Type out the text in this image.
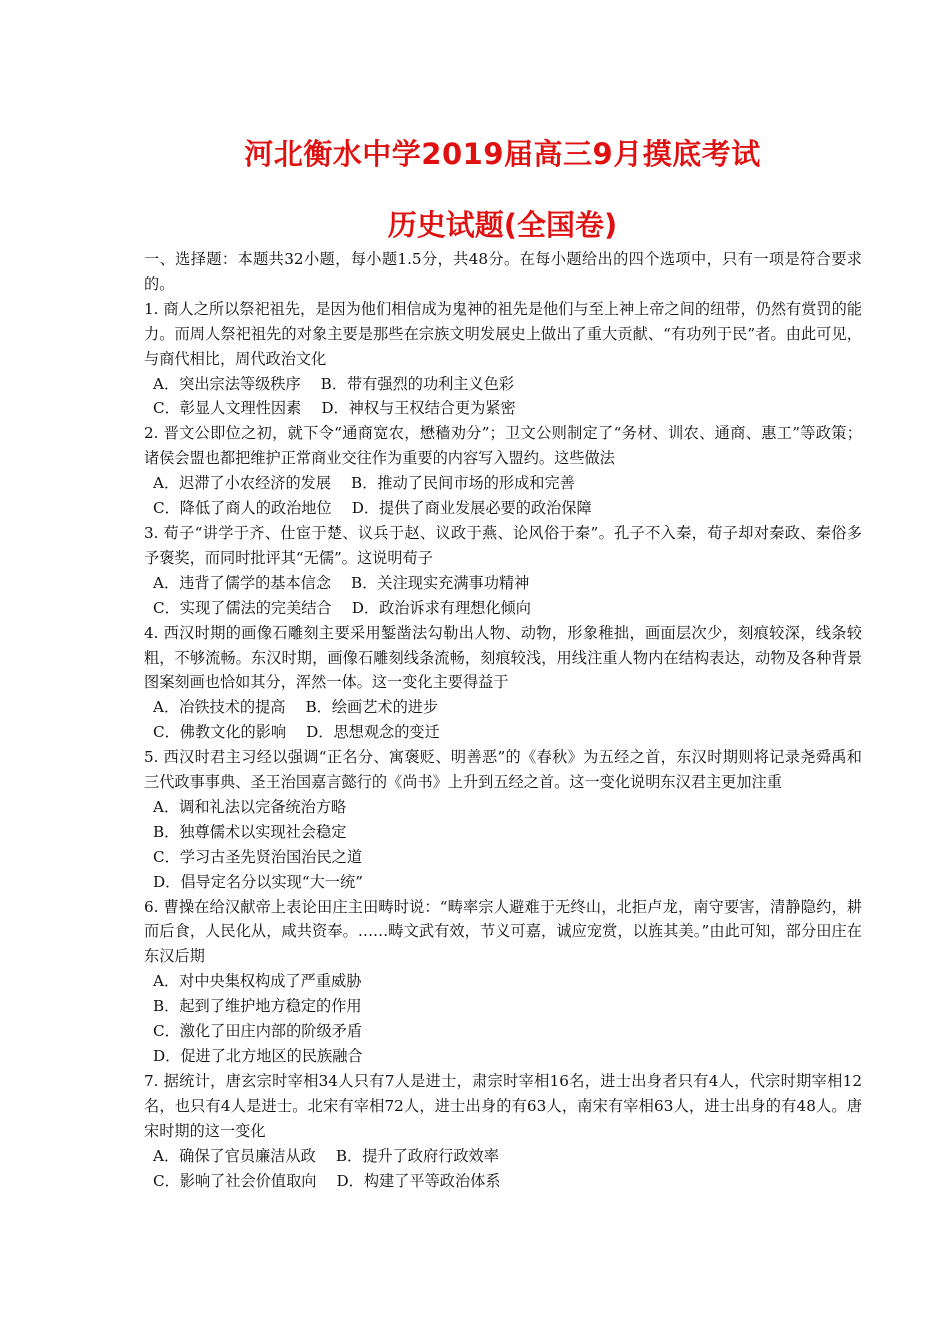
河北衡水中学2019届高三9月摸底考试
历史试题(全国卷)

一、选择题：本题共32小题，每小题1.5分，共48分。在每小题给出的四个选项中，只有一项是符合要求的。

1. 商人之所以祭祀祖先，是因为他们相信成为鬼神的祖先是他们与至上神上帝之间的纽带，仍然有赏罚的能力。而周人祭祀祖先的对象主要是那些在宗族文明发展史上做出了重大贡献、“有功列于民”者。由此可见，与商代相比，周代政治文化

A．突出宗法等级秩序 B．带有强烈的功利主义色彩

C．彰显人文理性因素 D．神权与王权结合更为紧密

2. 晋文公即位之初，就下令“通商宽农，懋穑劝分”；卫文公则制定了“务材、训农、通商、惠工”等政策；诸侯会盟也都把维护正常商业交往作为重要的内容写入盟约。这些做法

A．迟滞了小农经济的发展 B．推动了民间市场的形成和完善

C．降低了商人的政治地位 D．提供了商业发展必要的政治保障

3. 荀子“讲学于齐、仕宦于楚、议兵于赵、议政于燕、论风俗于秦”。孔子不入秦，荀子却对秦政、秦俗多予褒奖，而同时批评其“无儒”。这说明荀子

A．违背了儒学的基本信念 B．关注现实充满事功精神

C．实现了儒法的完美结合 D．政治诉求有理想化倾向

4. 西汉时期的画像石雕刻主要采用錾凿法勾勒出人物、动物，形象稚拙，画面层次少，刻痕较深，线条较粗，不够流畅。东汉时期，画像石雕刻线条流畅，刻痕较浅，用线注重人物内在结构表达，动物及各种背景图案刻画也恰如其分，浑然一体。这一变化主要得益于

A．冶铁技术的提高 B．绘画艺术的进步

C．佛教文化的影响 D．思想观念的变迁

5. 西汉时君主习经以强调“正名分、寓褒贬、明善恶”的《春秋》为五经之首，东汉时期则将记录尧舜禹和三代政事事典、圣王治国嘉言懿行的《尚书》上升到五经之首。这一变化说明东汉君主更加注重

A．调和礼法以完备统治方略

B．独尊儒术以实现社会稳定

C．学习古圣先贤治国治民之道

D．倡导定名分以实现“大一统”

6. 曹操在给汉献帝上表论田庄主田畴时说：“畴率宗人避难于无终山，北拒卢龙，南守要害，清静隐约，耕而后食，人民化从，咸共资奉。……畴文武有效，节义可嘉，诚应宠赏，以旌其美。”由此可知，部分田庄在东汉后期

A．对中央集权构成了严重威胁

B．起到了维护地方稳定的作用

C．激化了田庄内部的阶级矛盾

D．促进了北方地区的民族融合

7. 据统计，唐玄宗时宰相34人只有7人是进士，肃宗时宰相16名，进士出身者只有4人，代宗时期宰相12名，也只有4人是进士。北宋有宰相72人，进士出身的有63人，南宋有宰相63人，进士出身的有48人。唐宋时期的这一变化

A．确保了官员廉洁从政 B．提升了政府行政效率

C．影响了社会价值取向 D．构建了平等政治体系
